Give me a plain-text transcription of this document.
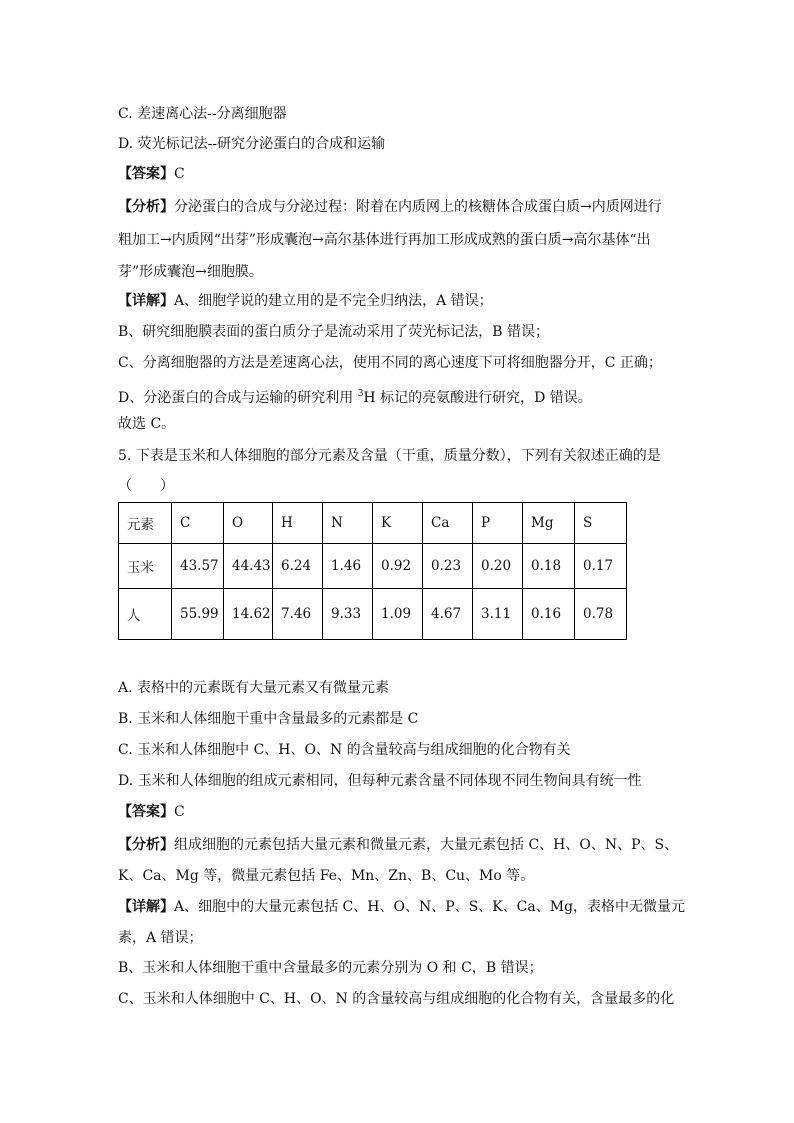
C. 差速离心法--分离细胞器
D. 荧光标记法--研究分泌蛋白的合成和运输
【答案】C
【分析】分泌蛋白的合成与分泌过程：附着在内质网上的核糖体合成蛋白质→内质网进行
粗加工→内质网“出芽”形成囊泡→高尔基体进行再加工形成成熟的蛋白质→高尔基体“出
芽”形成囊泡→细胞膜。
【详解】A、细胞学说的建立用的是不完全归纳法，A 错误；
B、研究细胞膜表面的蛋白质分子是流动采用了荧光标记法，B 错误；
C、分离细胞器的方法是差速离心法，使用不同的离心速度下可将细胞器分开，C 正确；
D、分泌蛋白的合成与运输的研究利用 $^3$H 标记的亮氨酸进行研究，D 错误。
故选 C。
5. 下表是玉米和人体细胞的部分元素及含量（干重，质量分数），下列有关叙述正确的是
（　　）
元素	C	O	H	N	K	Ca	P	Mg	S
玉米	43.57	44.43	6.24	1.46	0.92	0.23	0.20	0.18	0.17
人	55.99	14.62	7.46	9.33	1.09	4.67	3.11	0.16	0.78
A. 表格中的元素既有大量元素又有微量元素
B. 玉米和人体细胞干重中含量最多的元素都是 C
C. 玉米和人体细胞中 C、H、O、N 的含量较高与组成细胞的化合物有关
D. 玉米和人体细胞的组成元素相同，但每种元素含量不同体现不同生物间具有统一性
【答案】C
【分析】组成细胞的元素包括大量元素和微量元素，大量元素包括 C、H、O、N、P、S、
K、Ca、Mg 等，微量元素包括 Fe、Mn、Zn、B、Cu、Mo 等。
【详解】A、细胞中的大量元素包括 C、H、O、N、P、S、K、Ca、Mg，表格中无微量元
素，A 错误；
B、玉米和人体细胞干重中含量最多的元素分别为 O 和 C，B 错误；
C、玉米和人体细胞中 C、H、O、N 的含量较高与组成细胞的化合物有关，含量最多的化
